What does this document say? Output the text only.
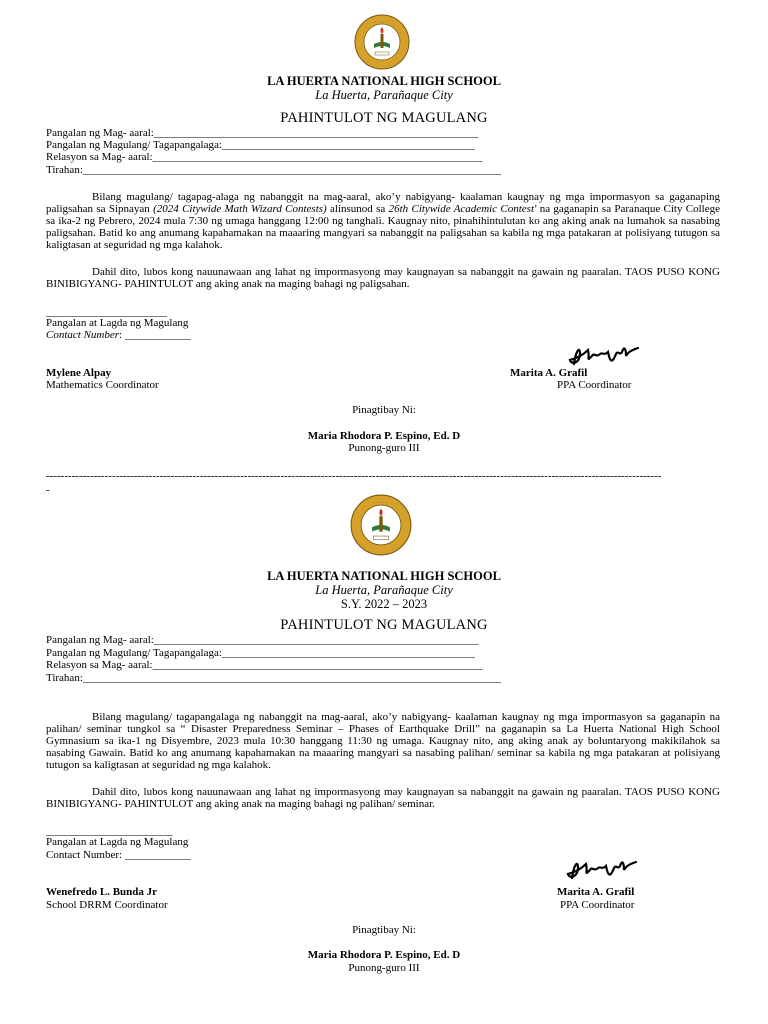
· · · · · ·
LA HUERTA NATIONAL HIGH SCHOOL
La Huerta, Parañaque City
PAHINTULOT NG MAGULANG
Pangalan ng Mag- aaral:___________________________________________________________
Pangalan ng Magulang/ Tagapangalaga:______________________________________________
Relasyon sa Mag- aaral:____________________________________________________________
Tirahan:____________________________________________________________________________
Bilang magulang/ tagapag-alaga ng nabanggit na mag-aaral, ako’y nabigyang- kaalaman kaugnay ng mga impormasyon sa gaganaping paligsahan sa Sipnayan (2024 Citywide Math Wizard Contests) alinsunod sa 26th Citywide Academic Contest' na gaganapin sa Paranaque City College sa ika-2 ng Pebrero, 2024 mula 7:30 ng umaga hanggang 12:00 ng tanghali. Kaugnay nito, pinahihintulutan ko ang aking anak na lumahok sa nasabing paligsahan. Batid ko ang anumang kapahamakan na maaaring mangyari sa nabanggit na paligsahan sa kabila ng mga patakaran at polisiyang tutugon sa kaligtasan at seguridad ng mga kalahok.
Dahil dito, lubos kong nauunawaan ang lahat ng impormasyong may kaugnayan sa nabanggit na gawain ng paaralan. TAOS PUSO KONG BINIBIGYANG- PAHINTULOT ang aking anak na maging bahagi ng paligsahan.
______________________
Pangalan at Lagda ng Magulang
Contact Number: ____________
Mylene Alpay
Mathematics Coordinator
Marita A. Grafil
PPA Coordinator
Pinagtibay Ni:
Maria Rhodora P. Espino, Ed. D
Punong-guro III
------------------------------------------------------------------------------------------------------------------------------------------------------------------------
-
· · · · · ·
LA HUERTA NATIONAL HIGH SCHOOL
La Huerta, Parañaque City
S.Y. 2022 – 2023
PAHINTULOT NG MAGULANG
Pangalan ng Mag- aaral:___________________________________________________________
Pangalan ng Magulang/ Tagapangalaga:______________________________________________
Relasyon sa Mag- aaral:____________________________________________________________
Tirahan:____________________________________________________________________________
Bilang magulang/ tagapangalaga ng nabanggit na mag-aaral, ako’y nabigyang- kaalaman kaugnay ng mga impormasyon sa gaganapin na palihan/ seminar tungkol sa “ Disaster Preparedness Seminar – Phases of Earthquake Drill” na gaganapin sa La Huerta National High School Gymnasium sa ika-1 ng Disyembre, 2023 mula 10:30 hanggang 11:30 ng umaga. Kaugnay nito, ang aking anak ay boluntaryong makikilahok sa nasabing Gawain. Batid ko ang anumang kapahamakan na maaaring mangyari sa nasabing palihan/ seminar sa kabila ng mga patakaran at polisiyang tutugon sa kaligtasan at seguridad ng mga kalahok.
Dahil dito, lubos kong nauunawaan ang lahat ng impormasyong may kaugnayan sa nabanggit na gawain ng paaralan. TAOS PUSO KONG BINIBIGYANG- PAHINTULOT ang aking anak na maging bahagi ng palihan/ seminar.
_______________________
Pangalan at Lagda ng Magulang
Contact Number: ____________
Wenefredo L. Bunda Jr
School DRRM Coordinator
Marita A. Grafil
PPA Coordinator
Pinagtibay Ni:
Maria Rhodora P. Espino, Ed. D
Punong-guro III
